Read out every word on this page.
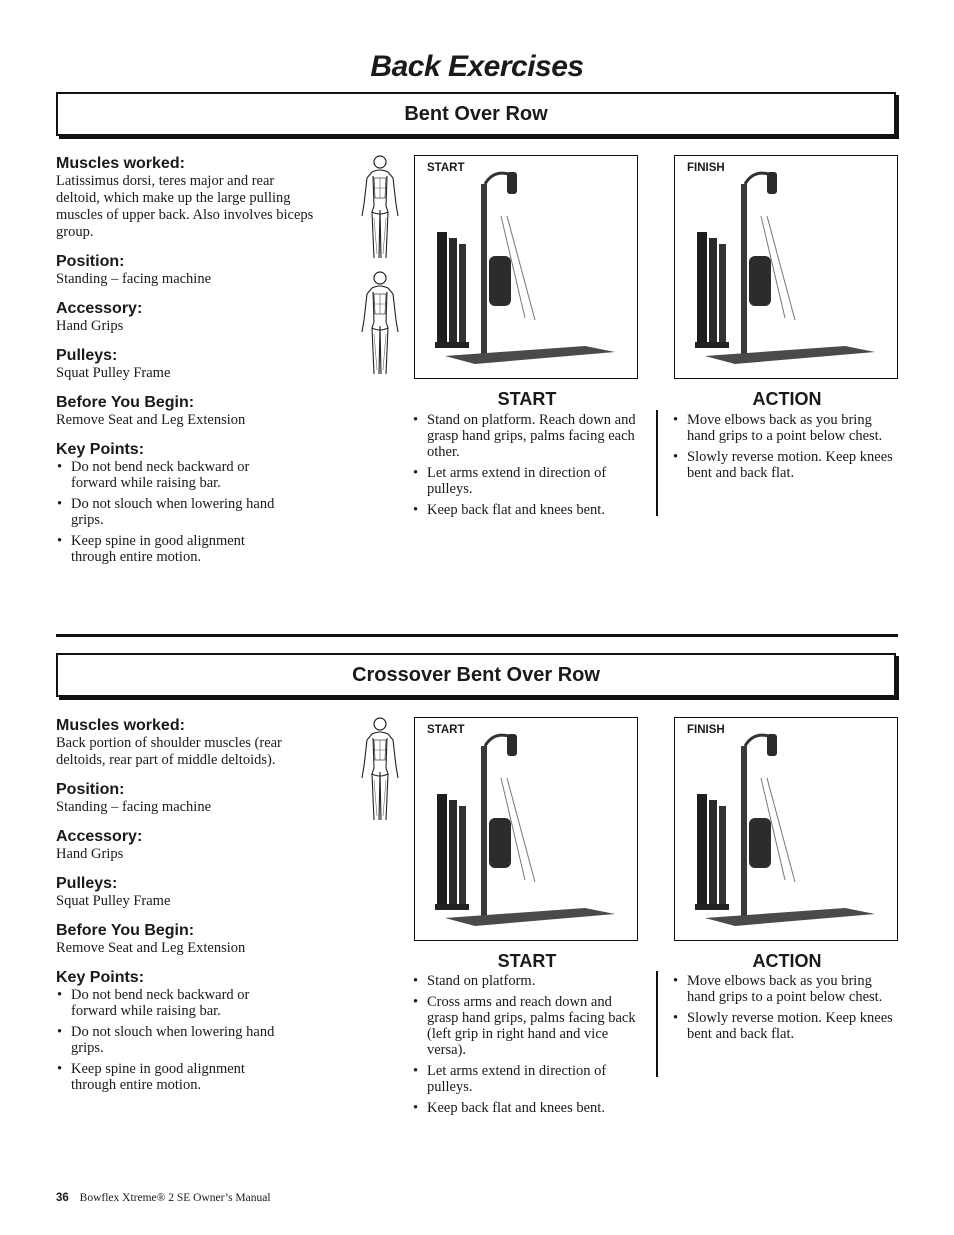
Back Exercises
Bent Over Row

Muscles worked:

Latissimus dorsi, teres major and rear deltoid, which make up the large pulling muscles of upper back. Also involves biceps group.

Position:

Standing – facing machine

Accessory:

Hand Grips

Pulleys:

Squat Pulley Frame

Before You Begin:

Remove Seat and Leg Extension

Key Points:

• Do not bend neck backward or forward while raising bar.
• Do not slouch when lowering hand grips.
• Keep spine in good alignment through entire motion.
START	FINISH
START
• Stand on platform. Reach down and grasp hand grips, palms facing each other.
• Let arms extend in direction of pulleys.
• Keep back flat and knees bent.
ACTION
• Move elbows back as you bring hand grips to a point below chest.
• Slowly reverse motion. Keep knees bent and back flat.
Crossover Bent Over Row

Muscles worked:

Back portion of shoulder muscles (rear deltoids, rear part of middle deltoids).

Position:

Standing – facing machine

Accessory:

Hand Grips

Pulleys:

Squat Pulley Frame

Before You Begin:

Remove Seat and Leg Extension

Key Points:

• Do not bend neck backward or forward while raising bar.
• Do not slouch when lowering hand grips.
• Keep spine in good alignment through entire motion.
START	FINISH
START
• Stand on platform.
• Cross arms and reach down and grasp hand grips, palms facing back (left grip in right hand and vice versa).
• Let arms extend in direction of pulleys.
• Keep back flat and knees bent.
ACTION
• Move elbows back as you bring hand grips to a point below chest.
• Slowly reverse motion. Keep knees bent and back flat.
36 Bowflex Xtreme® 2 SE Owner’s Manual
